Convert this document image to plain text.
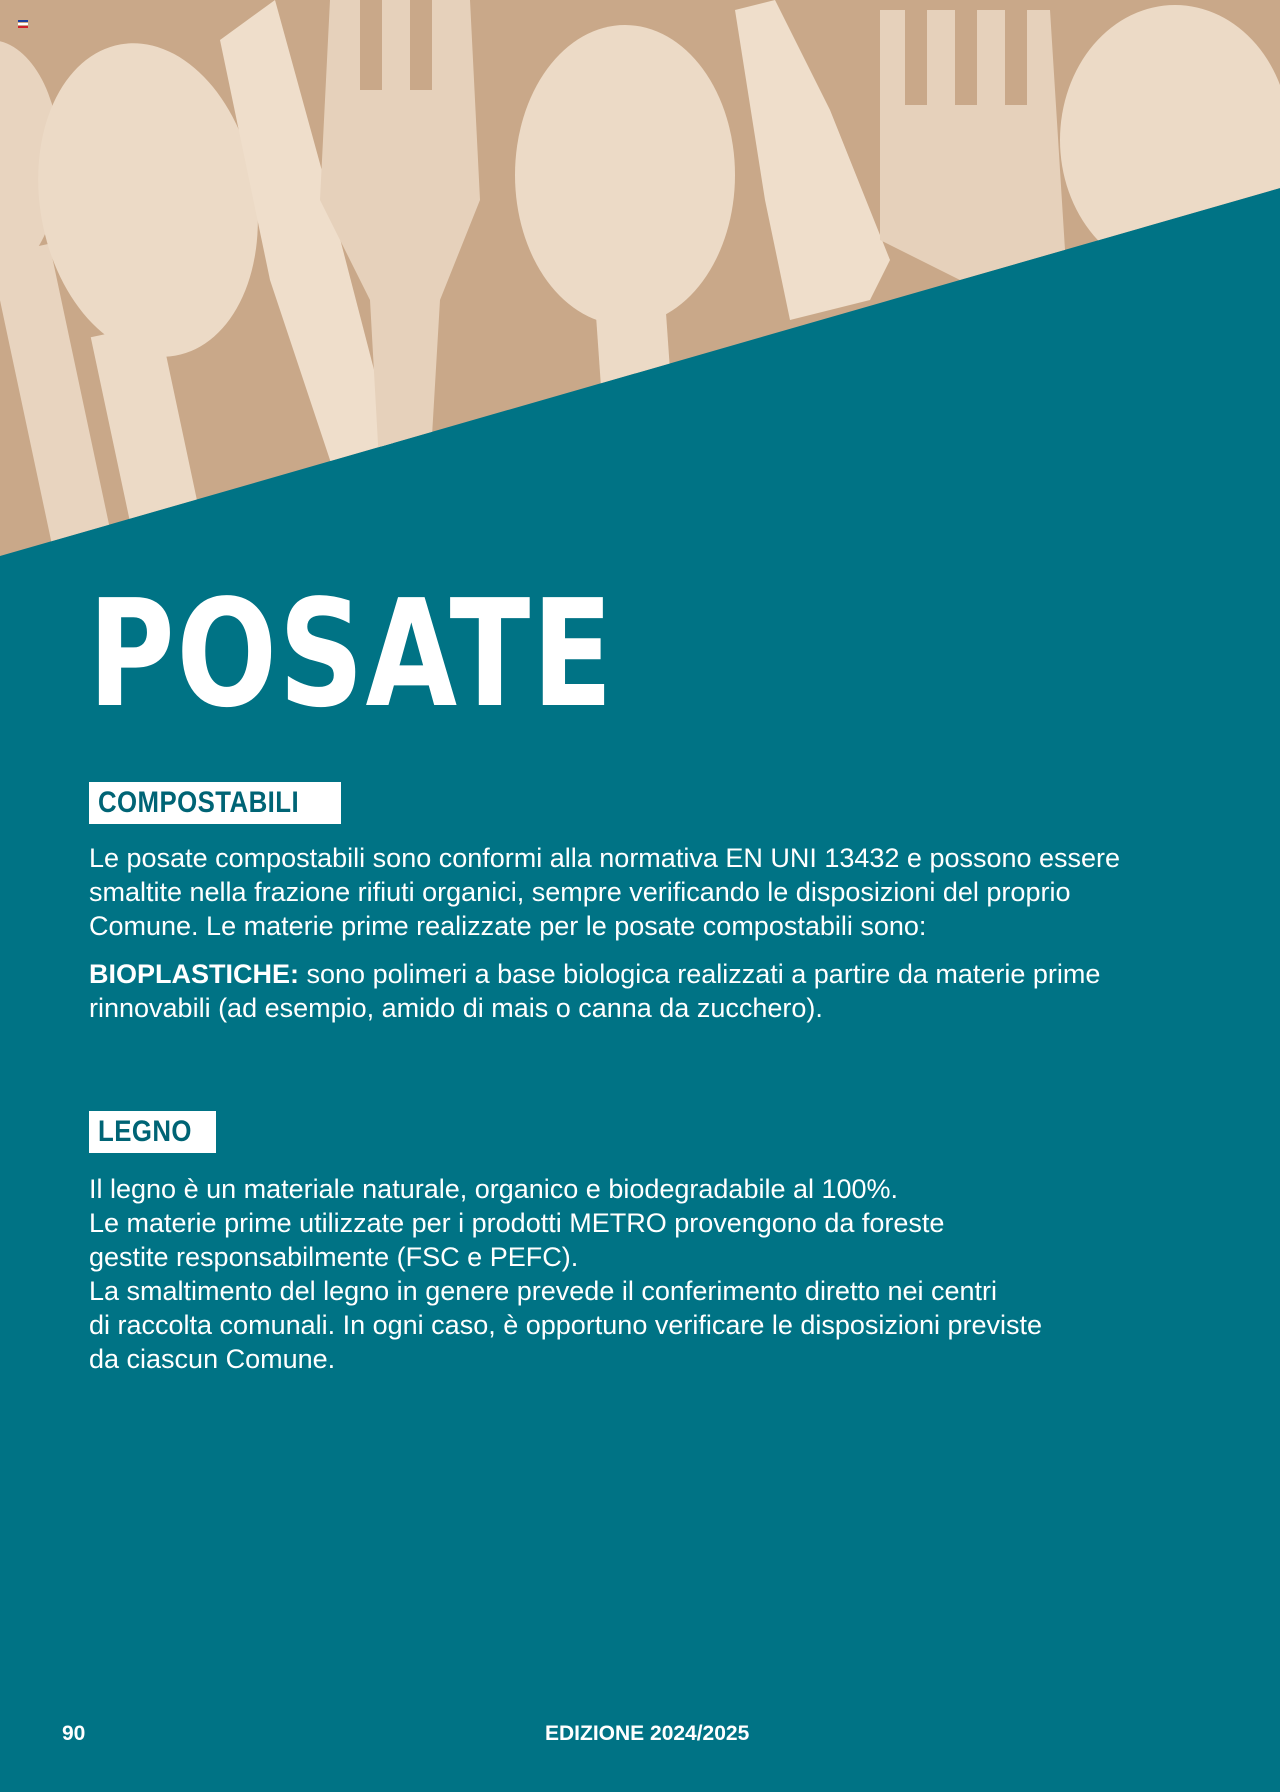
POSATE
COMPOSTABILI

Le posate compostabili sono conformi alla normativa EN UNI 13432 e possono essere

smaltite nella frazione rifiuti organici, sempre verificando le disposizioni del proprio

Comune. Le materie prime realizzate per le posate compostabili sono:

BIOPLASTICHE: sono polimeri a base biologica realizzati a partire da materie prime

rinnovabili (ad esempio, amido di mais o canna da zucchero).

LEGNO

Il legno è un materiale naturale, organico e biodegradabile al 100%.

Le materie prime utilizzate per i prodotti METRO provengono da foreste

gestite responsabilmente (FSC e PEFC).

La smaltimento del legno in genere prevede il conferimento diretto nei centri

di raccolta comunali. In ogni caso, è opportuno verificare le disposizioni previste

da ciascun Comune.

90	EDIZIONE 2024/2025
